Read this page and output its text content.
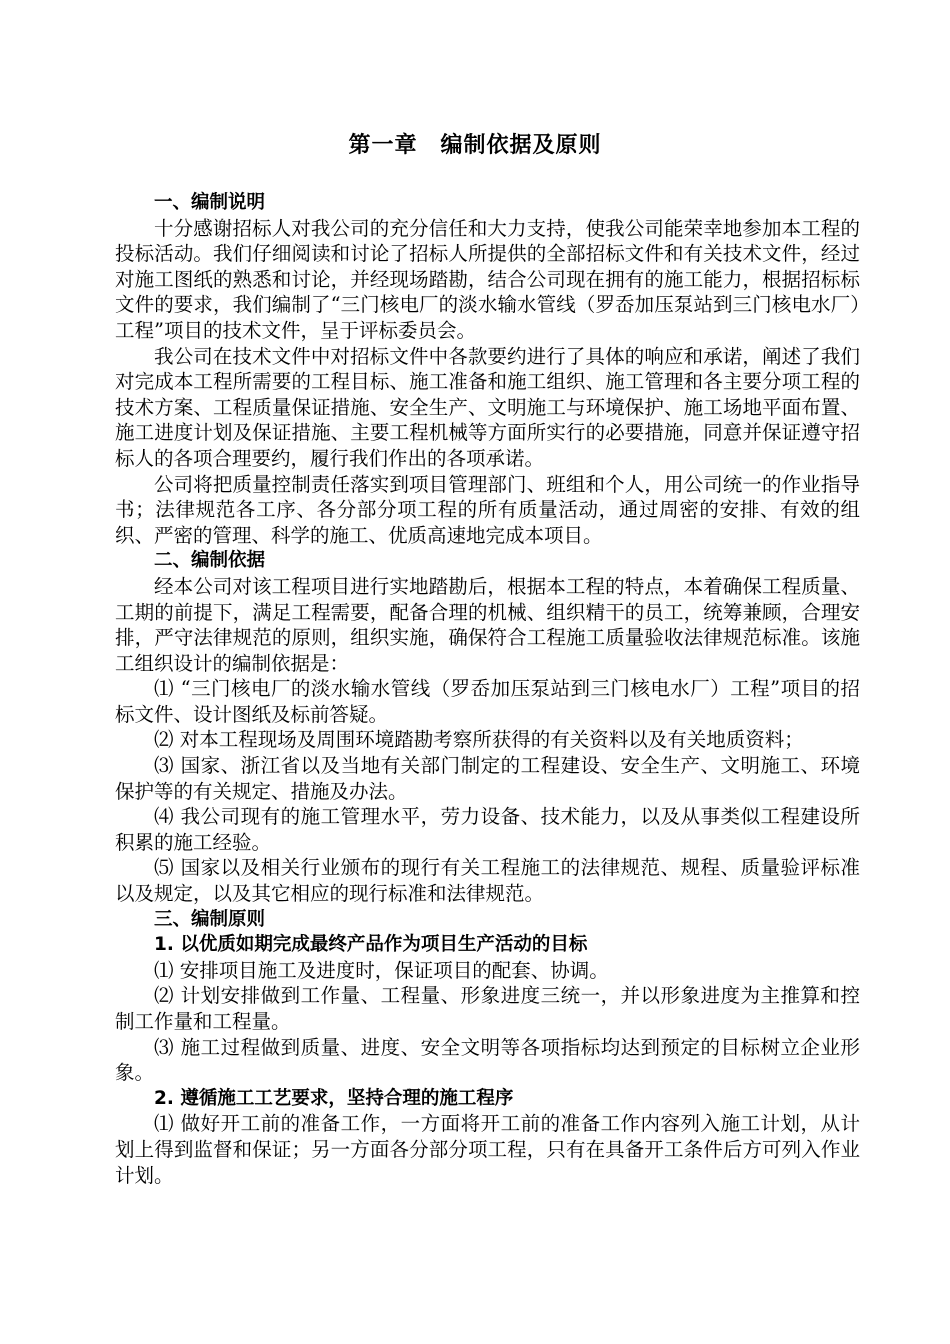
第一章　编制依据及原则

一、编制说明

十分感谢招标人对我公司的充分信任和大力支持，使我公司能荣幸地参加本工程的投标活动。我们仔细阅读和讨论了招标人所提供的全部招标文件和有关技术文件，经过对施工图纸的熟悉和讨论，并经现场踏勘，结合公司现在拥有的施工能力，根据招标标文件的要求，我们编制了“三门核电厂的淡水输水管线（罗岙加压泵站到三门核电水厂）工程”项目的技术文件，呈于评标委员会。

我公司在技术文件中对招标文件中各款要约进行了具体的响应和承诺，阐述了我们对完成本工程所需要的工程目标、施工准备和施工组织、施工管理和各主要分项工程的技术方案、工程质量保证措施、安全生产、文明施工与环境保护、施工场地平面布置、施工进度计划及保证措施、主要工程机械等方面所实行的必要措施，同意并保证遵守招标人的各项合理要约，履行我们作出的各项承诺。

公司将把质量控制责任落实到项目管理部门、班组和个人，用公司统一的作业指导书；法律规范各工序、各分部分项工程的所有质量活动，通过周密的安排、有效的组织、严密的管理、科学的施工、优质高速地完成本项目。

二、编制依据

经本公司对该工程项目进行实地踏勘后，根据本工程的特点，本着确保工程质量、工期的前提下，满足工程需要，配备合理的机械、组织精干的员工，统筹兼顾，合理安排，严守法律规范的原则，组织实施，确保符合工程施工质量验收法律规范标准。该施工组织设计的编制依据是：

⑴ “三门核电厂的淡水输水管线（罗岙加压泵站到三门核电水厂）工程”项目的招标文件、设计图纸及标前答疑。

⑵ 对本工程现场及周围环境踏勘考察所获得的有关资料以及有关地质资料；

⑶ 国家、浙江省以及当地有关部门制定的工程建设、安全生产、文明施工、环境保护等的有关规定、措施及办法。

⑷ 我公司现有的施工管理水平，劳力设备、技术能力，以及从事类似工程建设所积累的施工经验。

⑸ 国家以及相关行业颁布的现行有关工程施工的法律规范、规程、质量验评标准以及规定，以及其它相应的现行标准和法律规范。

三、编制原则

1. 以优质如期完成最终产品作为项目生产活动的目标

⑴ 安排项目施工及进度时，保证项目的配套、协调。

⑵ 计划安排做到工作量、工程量、形象进度三统一，并以形象进度为主推算和控制工作量和工程量。

⑶ 施工过程做到质量、进度、安全文明等各项指标均达到预定的目标树立企业形象。

2. 遵循施工工艺要求，坚持合理的施工程序

⑴ 做好开工前的准备工作，一方面将开工前的准备工作内容列入施工计划，从计划上得到监督和保证；另一方面各分部分项工程，只有在具备开工条件后方可列入作业计划。
